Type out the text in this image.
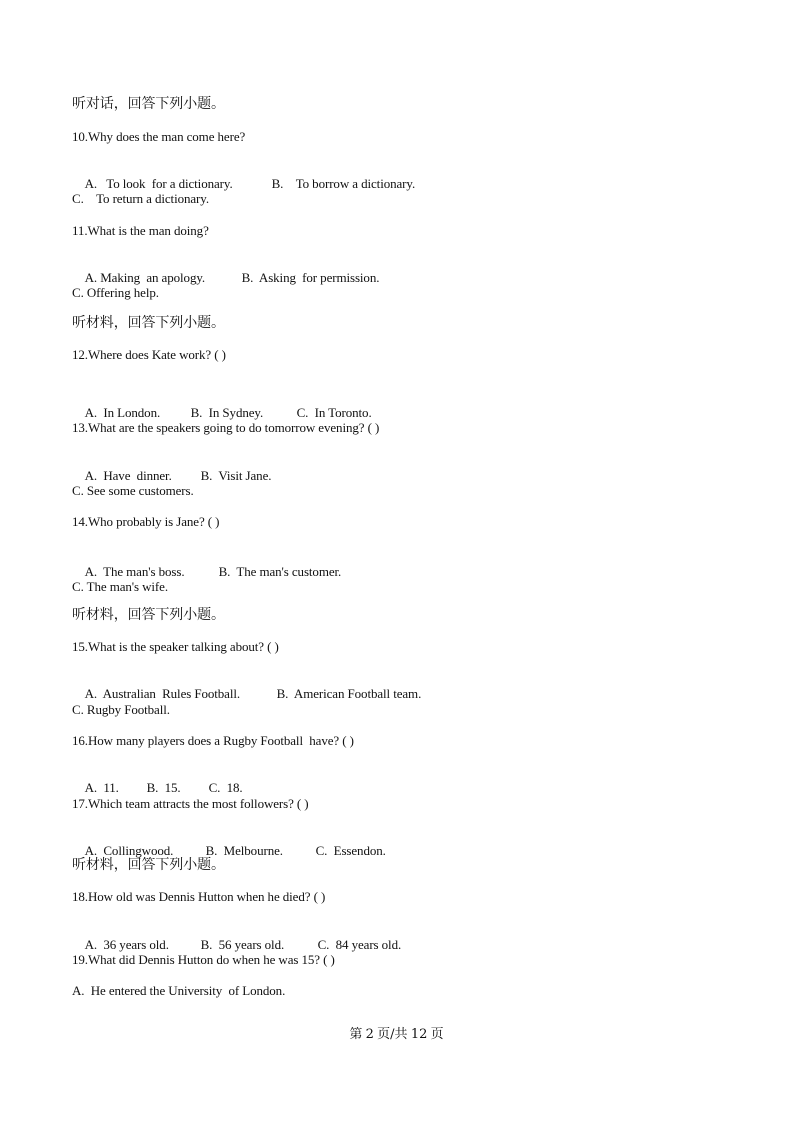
听对话，回答下列小题。
10.Why does the man come here?

A.   To look  for a dictionary.	B.    To borrow a dictionary.

C.    To return a dictionary.
11.What is the man doing?

A. Making  an apology.	B.  Asking  for permission.

C. Offering help.
听材料，回答下列小题。
12.Where does Kate work? ( )

A.  In London. B.  In Sydney.	C.  In Toronto.

13.What are the speakers going to do tomorrow evening? ( )

A.  Have  dinner. B.  Visit Jane.

C. See some customers.
14.Who probably is Jane? ( )

A.  The man's boss.	B.  The man's customer.

C. The man's wife.
听材料，回答下列小题。
15.What is the speaker talking about? ( )

A.  Australian  Rules Football.	B.  American Football team.

C. Rugby Football.
16.How many players does a Rugby Football  have? ( )

A.  11. B.  15. C.  18.

17.Which team attracts the most followers? ( )

A.  Collingwood. B.  Melbourne.	C.  Essendon.

听材料，回答下列小题。
18.How old was Dennis Hutton when he died? ( )

A.  36 years old. B.  56 years old.	C.  84 years old.

19.What did Dennis Hutton do when he was 15? ( )
A.  He entered the University  of London.
第 2 页/共 12 页
